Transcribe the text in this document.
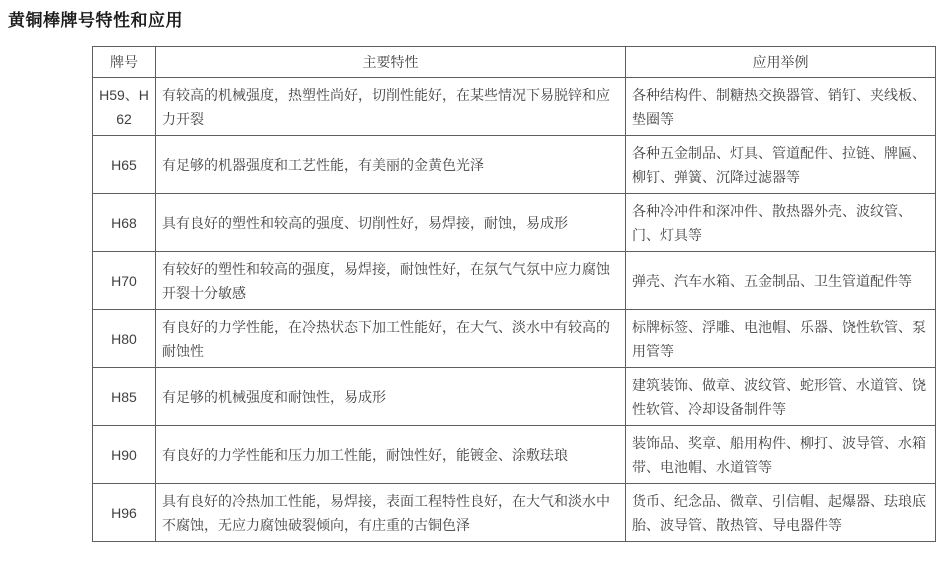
黄铜棒牌号特性和应用
牌号	主要特性	应用举例
H59、H62	有较高的机械强度，热塑性尚好，切削性能好，在某些情况下易脱锌和应力开裂	各种结构件、制糖热交换器管、销钉、夹线板、垫圈等
H65	有足够的机器强度和工艺性能，有美丽的金黄色光泽	各种五金制品、灯具、管道配件、拉链、牌匾、柳钉、弹簧、沉降过滤器等
H68	具有良好的塑性和较高的强度、切削性好，易焊接，耐蚀，易成形	各种冷冲件和深冲件、散热器外壳、波纹管、门、灯具等
H70	有较好的塑性和较高的强度，易焊接，耐蚀性好，在氛气气氛中应力腐蚀开裂十分敏感	弹壳、汽车水箱、五金制品、卫生管道配件等
H80	有良好的力学性能，在冷热状态下加工性能好，在大气、淡水中有较高的耐蚀性	标牌标签、浮雕、电池帽、乐器、饶性软管、泵用管等
H85	有足够的机械强度和耐蚀性，易成形	建筑装饰、做章、波纹管、蛇形管、水道管、饶性软管、冷却设备制件等
H90	有良好的力学性能和压力加工性能，耐蚀性好，能镀金、涂敷珐琅	装饰品、奖章、船用构件、柳打、波导管、水箱带、电池帽、水道管等
H96	具有良好的冷热加工性能，易焊接，表面工程特性良好，在大气和淡水中不腐蚀，无应力腐蚀破裂倾向，有庄重的古铜色泽	货币、纪念品、微章、引信帽、起爆器、珐琅底胎、波导管、散热管、导电器件等
